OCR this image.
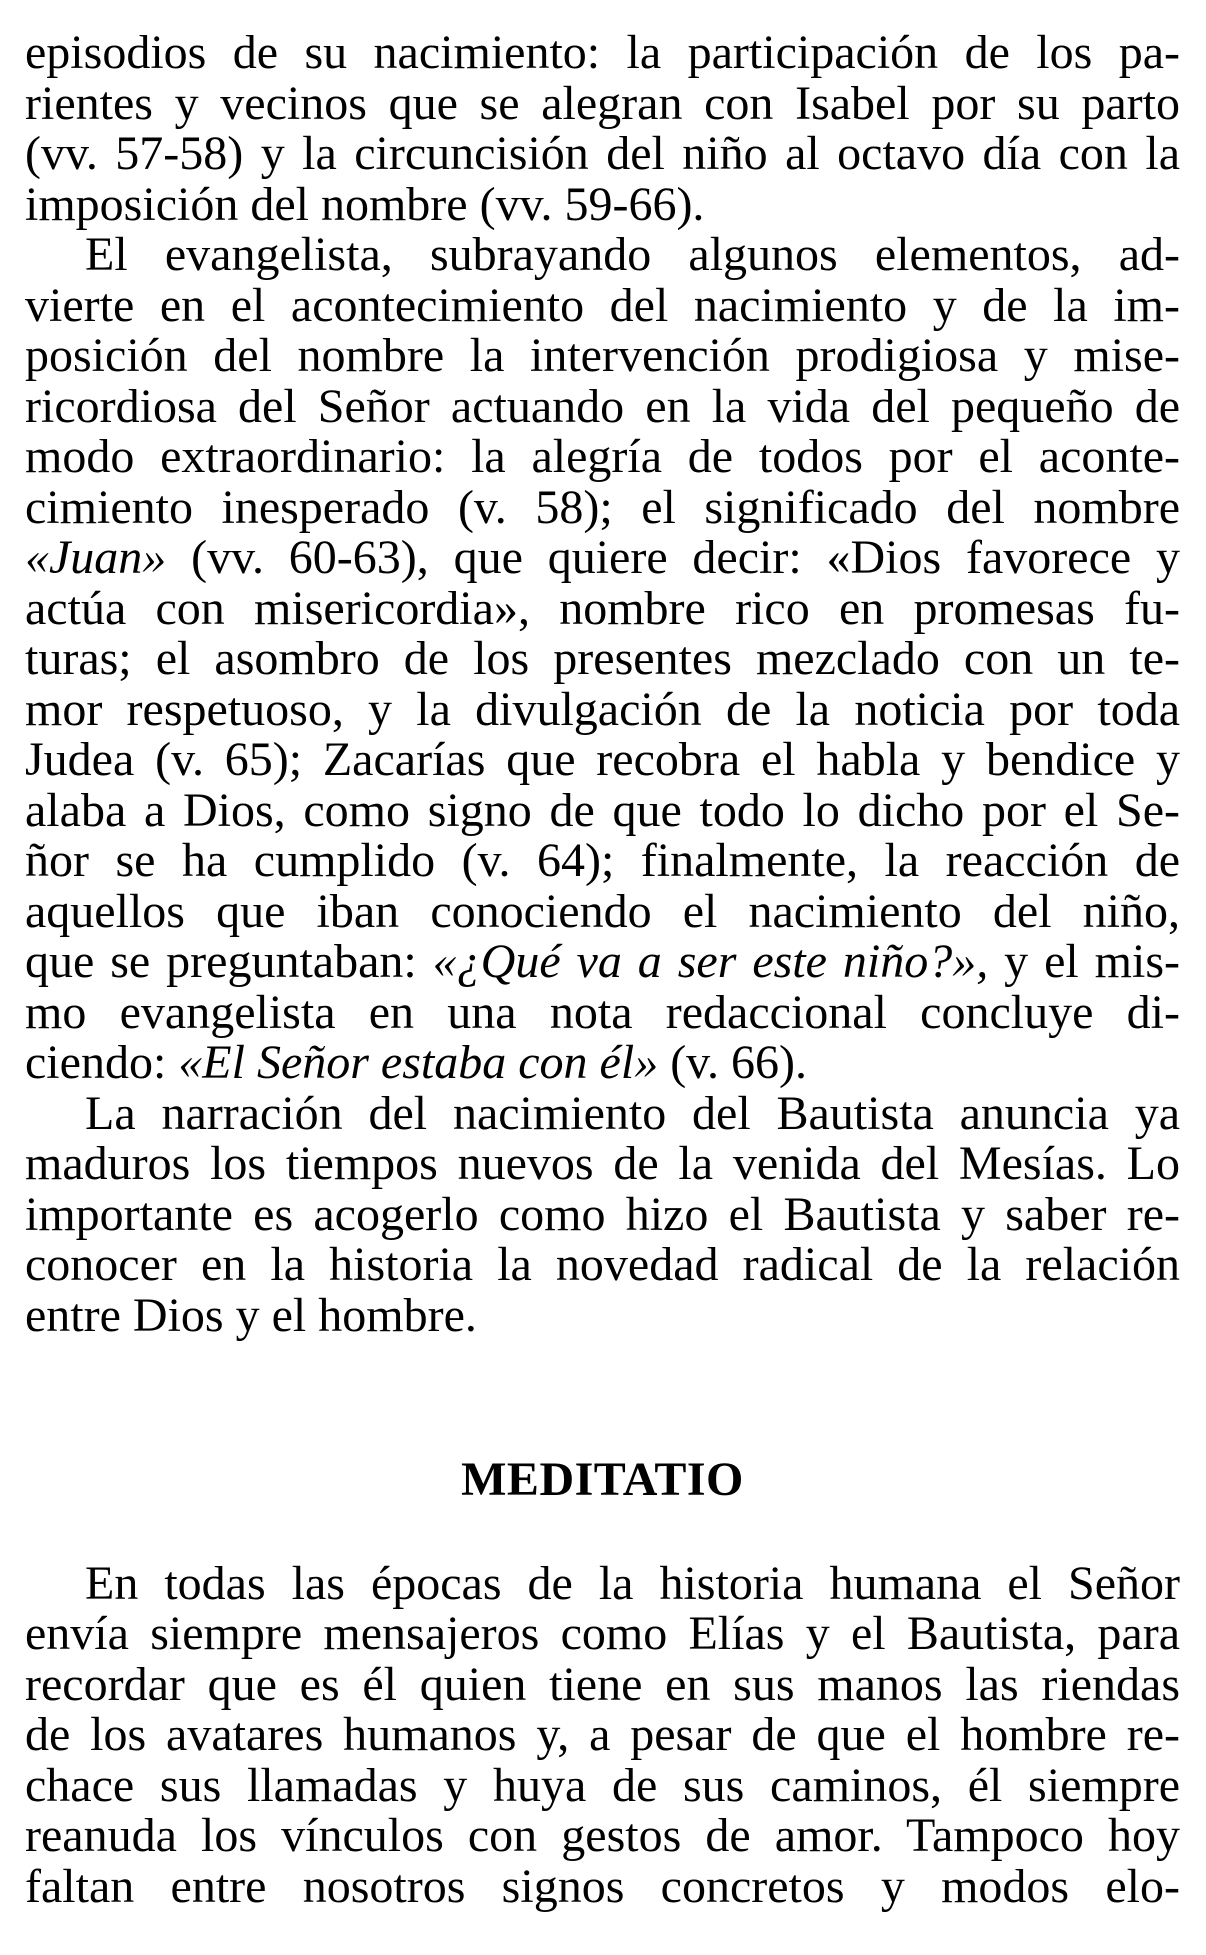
episodios de su nacimiento: la participación de los pa-
rientes y vecinos que se alegran con Isabel por su parto
(vv. 57-58) y la circuncisión del niño al octavo día con la
imposición del nombre (vv. 59-66).
El evangelista, subrayando algunos elementos, ad-
vierte en el acontecimiento del nacimiento y de la im-
posición del nombre la intervención prodigiosa y mise-
ricordiosa del Señor actuando en la vida del pequeño de
modo extraordinario: la alegría de todos por el aconte-
cimiento inesperado (v. 58); el significado del nombre
«Juan» (vv. 60-63), que quiere decir: «Dios favorece y
actúa con misericordia», nombre rico en promesas fu-
turas; el asombro de los presentes mezclado con un te-
mor respetuoso, y la divulgación de la noticia por toda
Judea (v. 65); Zacarías que recobra el habla y bendice y
alaba a Dios, como signo de que todo lo dicho por el Se-
ñor se ha cumplido (v. 64); finalmente, la reacción de
aquellos que iban conociendo el nacimiento del niño,
que se preguntaban: «¿Qué va a ser este niño?», y el mis-
mo evangelista en una nota redaccional concluye di-
ciendo: «El Señor estaba con él» (v. 66).
La narración del nacimiento del Bautista anuncia ya
maduros los tiempos nuevos de la venida del Mesías. Lo
importante es acogerlo como hizo el Bautista y saber re-
conocer en la historia la novedad radical de la relación
entre Dios y el hombre.
MEDITATIO
En todas las épocas de la historia humana el Señor
envía siempre mensajeros como Elías y el Bautista, para
recordar que es él quien tiene en sus manos las riendas
de los avatares humanos y, a pesar de que el hombre re-
chace sus llamadas y huya de sus caminos, él siempre
reanuda los vínculos con gestos de amor. Tampoco hoy
faltan entre nosotros signos concretos y modos elo-
